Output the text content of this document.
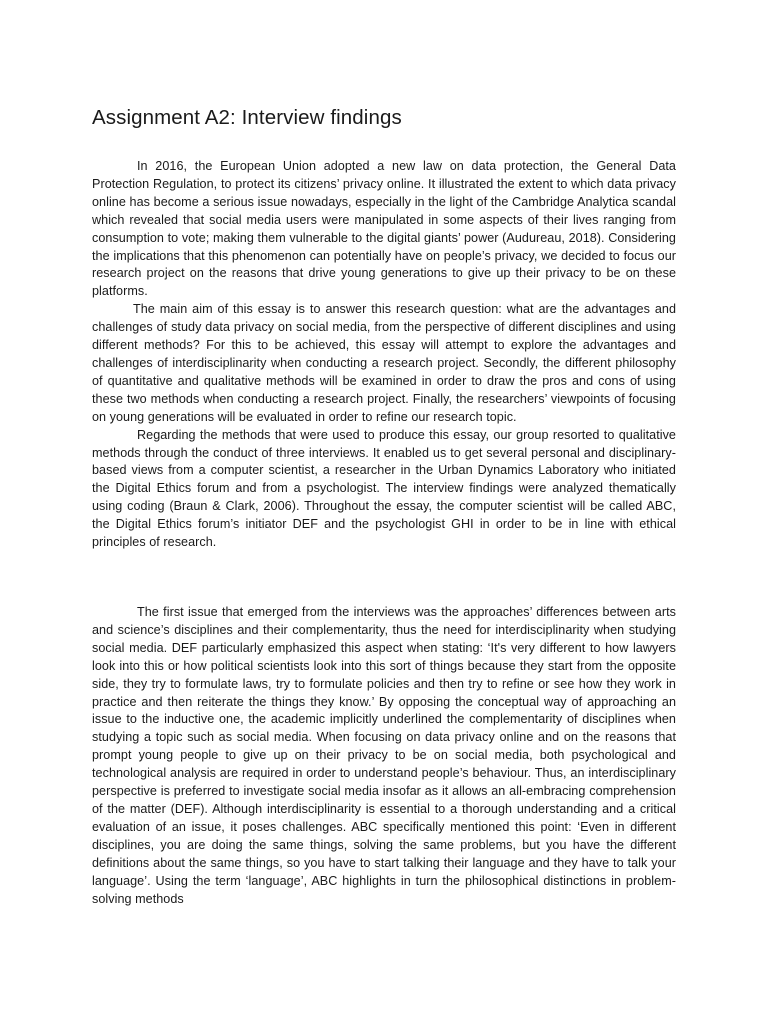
Assignment A2: Interview findings

In 2016, the European Union adopted a new law on data protection, the General Data Protection Regulation, to protect its citizens’ privacy online. It illustrated the extent to which data privacy online has become a serious issue nowadays, especially in the light of the Cambridge Analytica scandal which revealed that social media users were manipulated in some aspects of their lives ranging from consumption to vote; making them vulnerable to the digital giants’ power (Audureau, 2018). Considering the implications that this phenomenon can potentially have on people’s privacy, we decided to focus our research project on the reasons that drive young generations to give up their privacy to be on these platforms.

The main aim of this essay is to answer this research question: what are the advantages and challenges of study data privacy on social media, from the perspective of different disciplines and using different methods? For this to be achieved, this essay will attempt to explore the advantages and challenges of interdisciplinarity when conducting a research project. Secondly, the different philosophy of quantitative and qualitative methods will be examined in order to draw the pros and cons of using these two methods when conducting a research project. Finally, the researchers’ viewpoints of focusing on young generations will be evaluated in order to refine our research topic.

Regarding the methods that were used to produce this essay, our group resorted to qualitative methods through the conduct of three interviews. It enabled us to get several personal and disciplinary-based views from a computer scientist, a researcher in the Urban Dynamics Laboratory who initiated the Digital Ethics forum and from a psychologist. The interview findings were analyzed thematically using coding (Braun & Clark, 2006). Throughout the essay, the computer scientist will be called ABC, the Digital Ethics forum’s initiator DEF and the psychologist GHI in order to be in line with ethical principles of research.

The first issue that emerged from the interviews was the approaches’ differences between arts and science’s disciplines and their complementarity, thus the need for interdisciplinarity when studying social media. DEF particularly emphasized this aspect when stating: ‘It's very different to how lawyers look into this or how political scientists look into this sort of things because they start from the opposite side, they try to formulate laws, try to formulate policies and then try to refine or see how they work in practice and then reiterate the things they know.’ By opposing the conceptual way of approaching an issue to the inductive one, the academic implicitly underlined the complementarity of disciplines when studying a topic such as social media. When focusing on data privacy online and on the reasons that prompt young people to give up on their privacy to be on social media, both psychological and technological analysis are required in order to understand people’s behaviour. Thus, an interdisciplinary perspective is preferred to investigate social media insofar as it allows an all-embracing comprehension of the matter (DEF). Although interdisciplinarity is essential to a thorough understanding and a critical evaluation of an issue, it poses challenges. ABC specifically mentioned this point: ‘Even in different disciplines, you are doing the same things, solving the same problems, but you have the different definitions about the same things, so you have to start talking their language and they have to talk your language’. Using the term ‘language’, ABC highlights in turn the philosophical distinctions in problem-solving methods
